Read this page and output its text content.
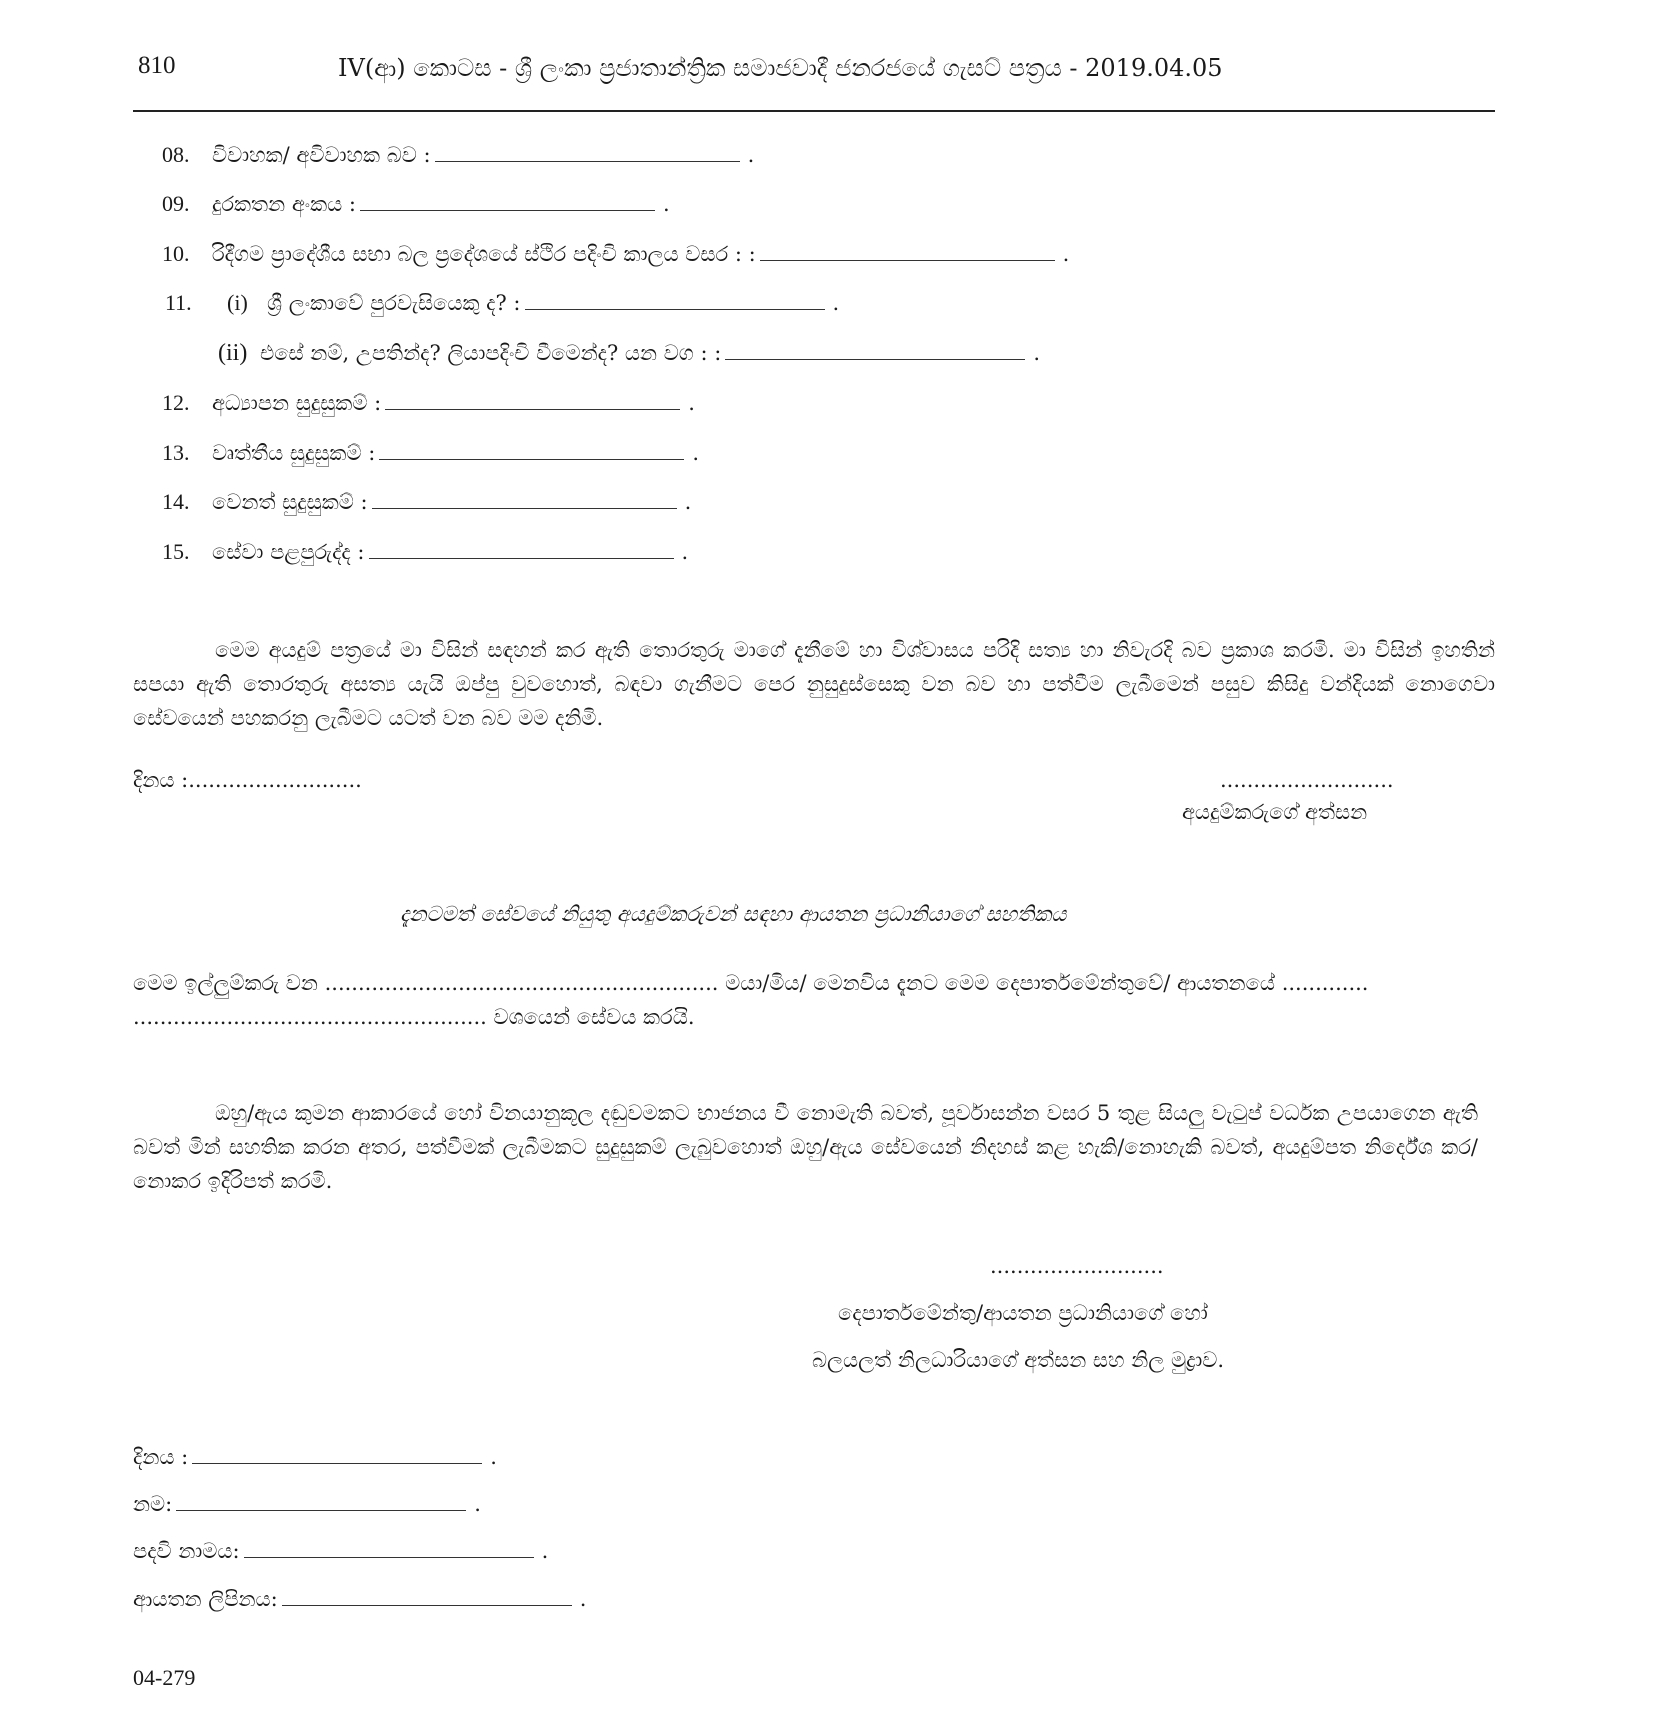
810	IV(ආ) කොටස - ශ්‍රී ලංකා ප්‍රජාතාන්ත්‍රික සමාජවාදී ජනරජයේ ගැසට් පත්‍රය - 2019.04.05
08.	විවාහක/ අවිවාහක බව :	.
09.	දුරකතන අංකය :	.
10.	රිදීගම ප්‍රාදේශීය සභා බල ප්‍රදේශයේ ස්ථිර පදිංචි කාලය වසර : :	.
11.	(i) ශ්‍රී ලංකාවේ පුරවැසියෙකු ද? :	.
(ii) එසේ නම්, උපතින්ද? ලියාපදිංචි වීමෙන්ද? යන වග : :	.
12.	අධ්‍යාපන සුදුසුකම් :	.
13.	වෘත්තීය සුදුසුකම් :	.
14.	වෙනත් සුදුසුකම් :	.
15.	සේවා පළපුරුද්ද :	.

මෙම අයදුම් පත්‍රයේ මා විසින් සඳහන් කර ඇති තොරතුරු මාගේ දැනීමේ හා විශ්වාසය පරිදි සත්‍ය හා නිවැරදි බව ප්‍රකාශ කරමි. මා විසින් ඉහතින් සපයා ඇති තොරතුරු අසත්‍ය යැයි ඔප්පු වුවහොත්, බඳවා ගැනීමට පෙර නුසුදුස්සෙකු වන බව හා පත්වීම ලැබීමෙන් පසුව කිසිදු වන්දියක් නොගෙවා සේවයෙන් පහකරනු ලැබීමට යටත් වන බව මම දනිමි.

දිනය :..........................	..........................
අයදුම්කරුගේ අත්සන
දැනටමත් සේවයේ නියුතු අයදුම්කරුවන් සඳහා ආයතන ප්‍රධානියාගේ සහතිකය

මෙම ඉල්ලුම්කරු වන ........................................................... මයා/මිය/ මෙනවිය දැනට මෙම දෙපාර්තමේන්තුවේ/ ආයතනයේ .............

..................................................... වශයෙන් සේවය කරයි.

ඔහු/ඇය කුමන ආකාරයේ හෝ විනයානුකූල දඬුවමකට භාජනය වී නොමැති බවත්, පූර්වාසන්න වසර 5 තුළ සියලු වැටුප් වර්ධක උපයාගෙන ඇති බවත් මින් සහතික කරන අතර, පත්වීමක් ලැබීමකට සුදුසුකම් ලැබුවහොත් ඔහු/ඇය සේවයෙන් නිදහස් කළ හැකි/නොහැකි බවත්, අයදුම්පත නිර්දේශ කර/නොකර ඉදිරිපත් කරමි.

..........................
දෙපාර්තමේන්තු/ආයතන ප්‍රධානියාගේ හෝ
බලයලත් නිලධාරියාගේ අත්සන සහ නිල මුද්‍රාව.
දිනය :	.
නම:	.
පදවි නාමය:	.
ආයතන ලිපිනය:	.
04-279
